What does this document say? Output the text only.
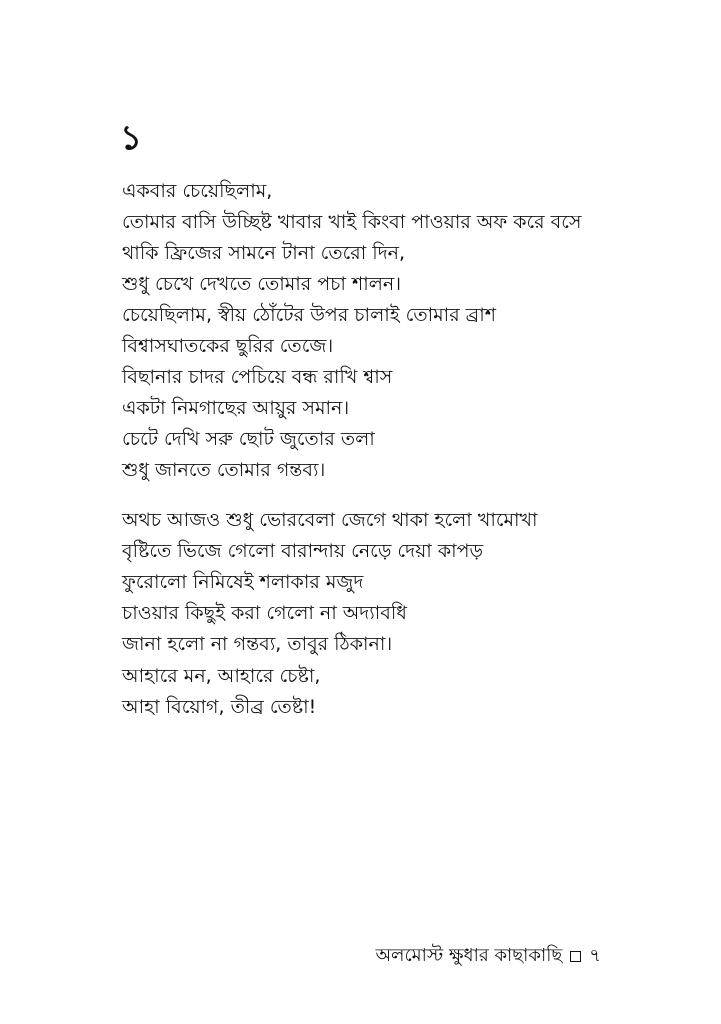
১
একবার চেয়েছিলাম,
তোমার বাসি উচ্ছিষ্ট খাবার খাই কিংবা পাওয়ার অফ করে বসে
থাকি ফ্রিজের সামনে টানা তেরো দিন,
শুধু চেখে দেখতে তোমার পচা শালন।
চেয়েছিলাম, স্বীয় ঠোঁটের উপর চালাই তোমার ব্রাশ
বিশ্বাসঘাতকের ছুরির তেজে।
বিছানার চাদর পেচিয়ে বন্ধ রাখি শ্বাস
একটা নিমগাছের আয়ুর সমান।
চেটে দেখি সরু ছোট জুতোর তলা
শুধু জানতে তোমার গন্তব্য।
অথচ আজও শুধু ভোরবেলা জেগে থাকা হলো খামোখা
বৃষ্টিতে ভিজে গেলো বারান্দায় নেড়ে দেয়া কাপড়
ফুরোলো নিমিষেই শলাকার মজুদ
চাওয়ার কিছুই করা গেলো না অদ্যাবধি
জানা হলো না গন্তব্য, তাবুর ঠিকানা।
আহারে মন, আহারে চেষ্টা,
আহা বিয়োগ, তীব্র তেষ্টা!
অলমোস্ট ক্ষুধার কাছাকাছি ৭
